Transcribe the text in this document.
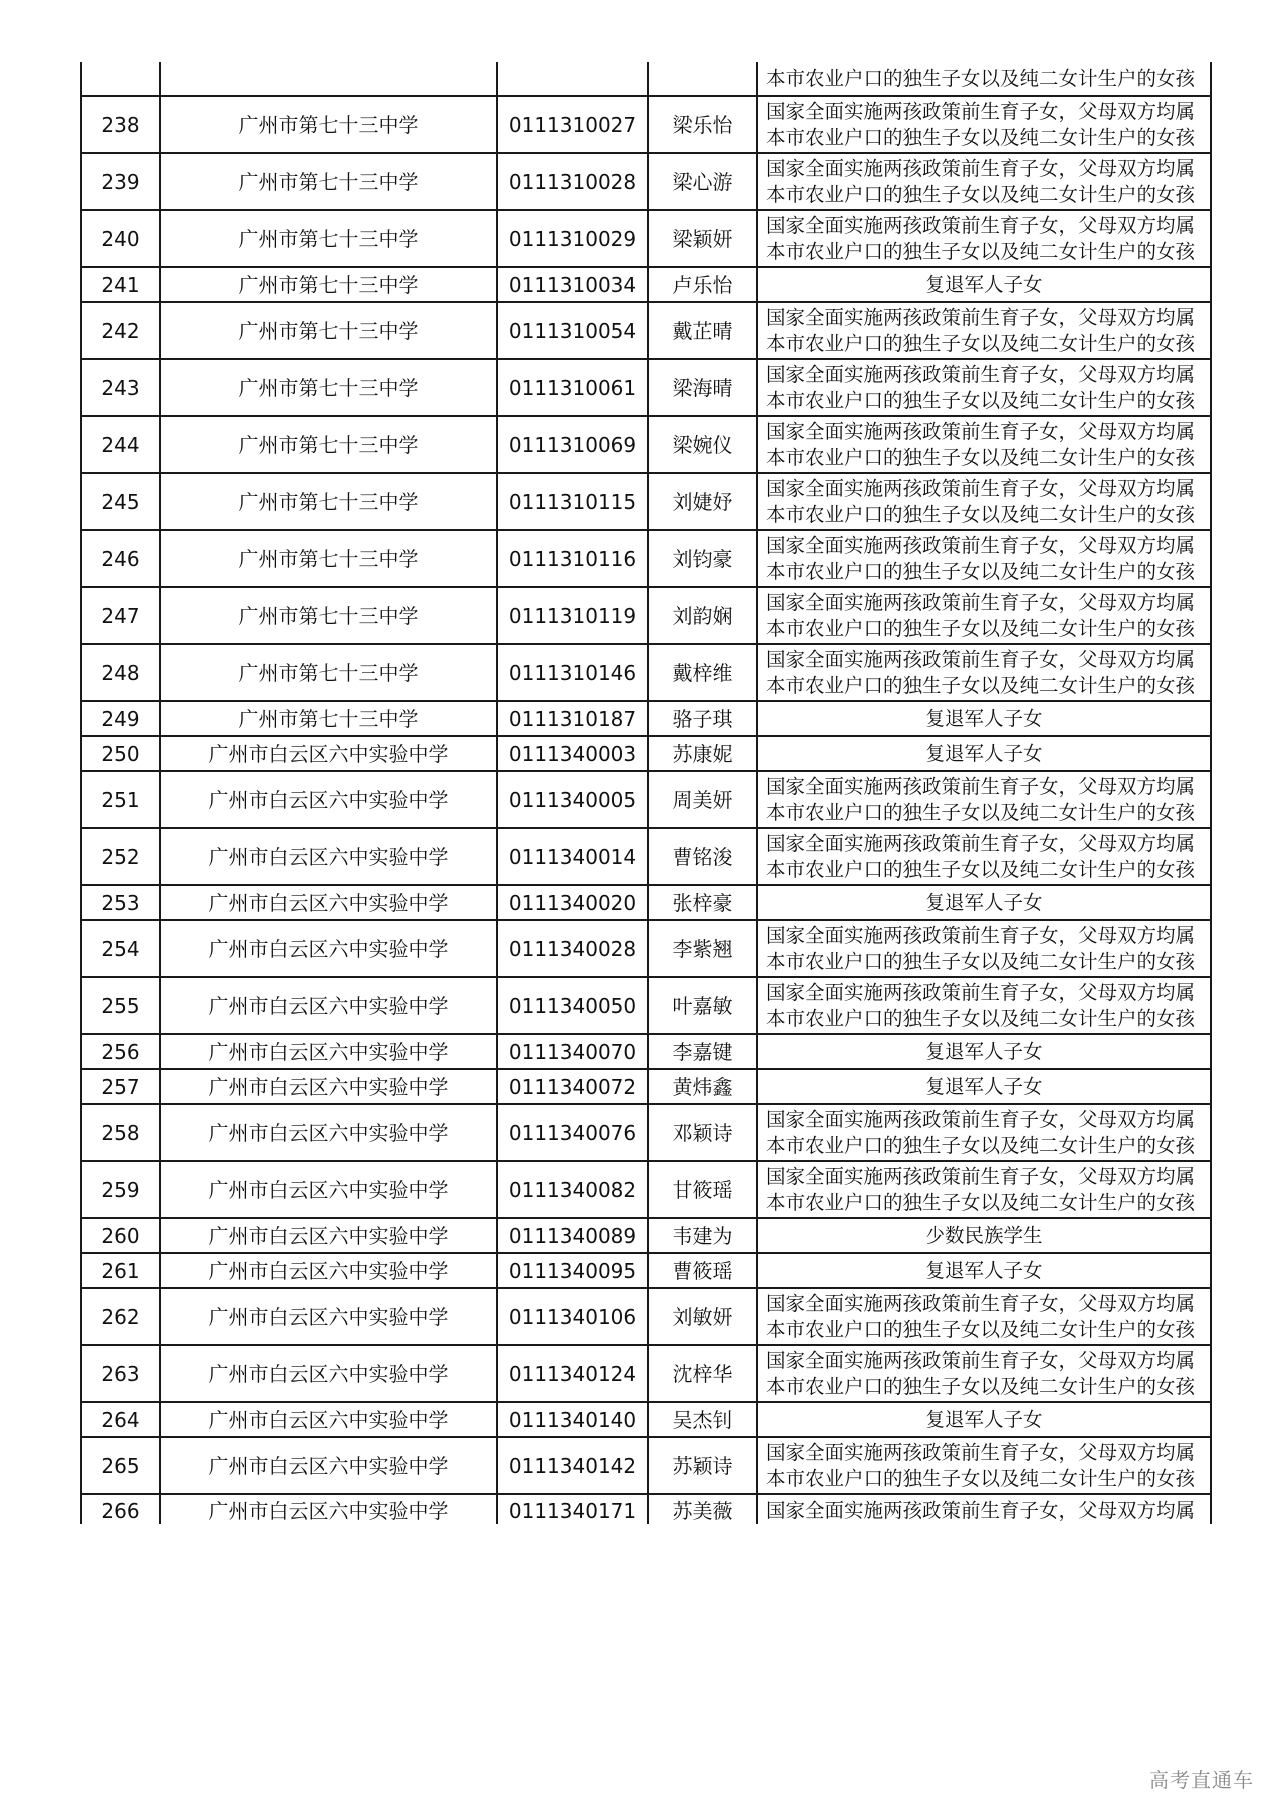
				本市农业户口的独生子女以及纯二女计生户的女孩

238	广州市第七十三中学	0111310027	梁乐怡	国家全面实施两孩政策前生育子女，父母双方均属
本市农业户口的独生子女以及纯二女计生户的女孩

239	广州市第七十三中学	0111310028	梁心游	国家全面实施两孩政策前生育子女，父母双方均属
本市农业户口的独生子女以及纯二女计生户的女孩

240	广州市第七十三中学	0111310029	梁颖妍	国家全面实施两孩政策前生育子女，父母双方均属
本市农业户口的独生子女以及纯二女计生户的女孩

241	广州市第七十三中学	0111310034	卢乐怡	复退军人子女
242	广州市第七十三中学	0111310054	戴芷晴	国家全面实施两孩政策前生育子女，父母双方均属
本市农业户口的独生子女以及纯二女计生户的女孩

243	广州市第七十三中学	0111310061	梁海晴	国家全面实施两孩政策前生育子女，父母双方均属
本市农业户口的独生子女以及纯二女计生户的女孩

244	广州市第七十三中学	0111310069	梁婉仪	国家全面实施两孩政策前生育子女，父母双方均属
本市农业户口的独生子女以及纯二女计生户的女孩

245	广州市第七十三中学	0111310115	刘婕妤	国家全面实施两孩政策前生育子女，父母双方均属
本市农业户口的独生子女以及纯二女计生户的女孩

246	广州市第七十三中学	0111310116	刘钧豪	国家全面实施两孩政策前生育子女，父母双方均属
本市农业户口的独生子女以及纯二女计生户的女孩

247	广州市第七十三中学	0111310119	刘韵娴	国家全面实施两孩政策前生育子女，父母双方均属
本市农业户口的独生子女以及纯二女计生户的女孩

248	广州市第七十三中学	0111310146	戴梓维	国家全面实施两孩政策前生育子女，父母双方均属
本市农业户口的独生子女以及纯二女计生户的女孩

249	广州市第七十三中学	0111310187	骆子琪	复退军人子女
250	广州市白云区六中实验中学	0111340003	苏康妮	复退军人子女
251	广州市白云区六中实验中学	0111340005	周美妍	国家全面实施两孩政策前生育子女，父母双方均属
本市农业户口的独生子女以及纯二女计生户的女孩

252	广州市白云区六中实验中学	0111340014	曹铭浚	国家全面实施两孩政策前生育子女，父母双方均属
本市农业户口的独生子女以及纯二女计生户的女孩

253	广州市白云区六中实验中学	0111340020	张梓豪	复退军人子女
254	广州市白云区六中实验中学	0111340028	李紫翘	国家全面实施两孩政策前生育子女，父母双方均属
本市农业户口的独生子女以及纯二女计生户的女孩

255	广州市白云区六中实验中学	0111340050	叶嘉敏	国家全面实施两孩政策前生育子女，父母双方均属
本市农业户口的独生子女以及纯二女计生户的女孩

256	广州市白云区六中实验中学	0111340070	李嘉键	复退军人子女
257	广州市白云区六中实验中学	0111340072	黄炜鑫	复退军人子女
258	广州市白云区六中实验中学	0111340076	邓颖诗	国家全面实施两孩政策前生育子女，父母双方均属
本市农业户口的独生子女以及纯二女计生户的女孩

259	广州市白云区六中实验中学	0111340082	甘筱瑶	国家全面实施两孩政策前生育子女，父母双方均属
本市农业户口的独生子女以及纯二女计生户的女孩

260	广州市白云区六中实验中学	0111340089	韦建为	少数民族学生
261	广州市白云区六中实验中学	0111340095	曹筱瑶	复退军人子女
262	广州市白云区六中实验中学	0111340106	刘敏妍	国家全面实施两孩政策前生育子女，父母双方均属
本市农业户口的独生子女以及纯二女计生户的女孩

263	广州市白云区六中实验中学	0111340124	沈梓华	国家全面实施两孩政策前生育子女，父母双方均属
本市农业户口的独生子女以及纯二女计生户的女孩

264	广州市白云区六中实验中学	0111340140	吴杰钊	复退军人子女
265	广州市白云区六中实验中学	0111340142	苏颖诗	国家全面实施两孩政策前生育子女，父母双方均属
本市农业户口的独生子女以及纯二女计生户的女孩

266	广州市白云区六中实验中学	0111340171	苏美薇	国家全面实施两孩政策前生育子女，父母双方均属
高考直通车
